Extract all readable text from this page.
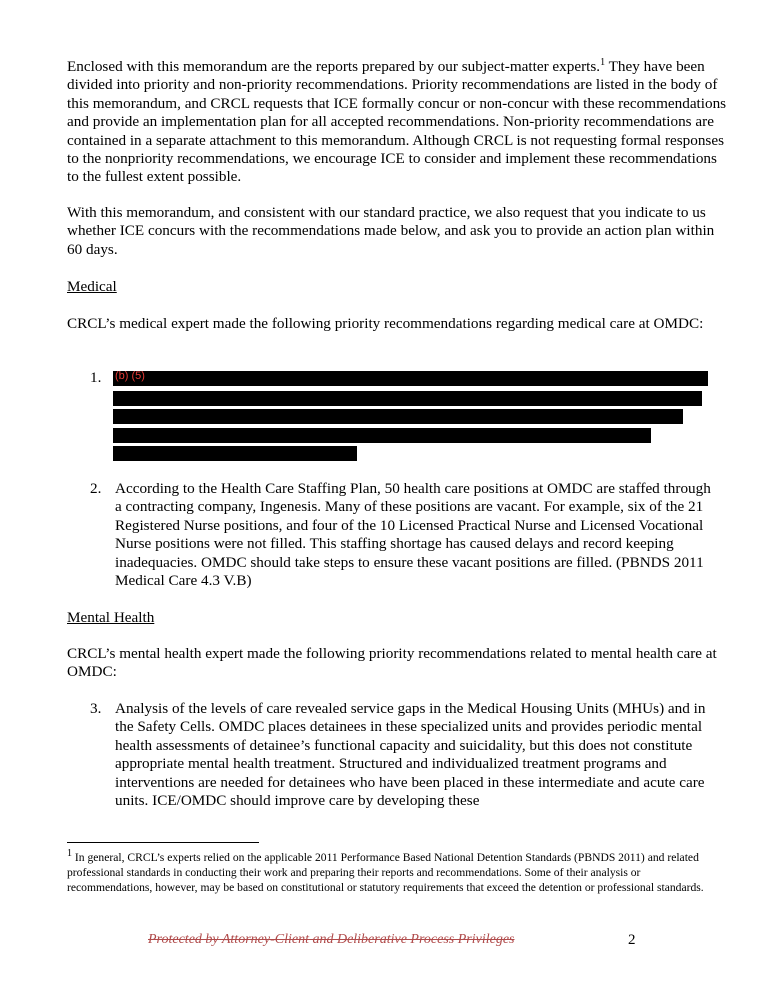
Enclosed with this memorandum are the reports prepared by our subject-matter experts.$^1$ They have been divided into priority and non-priority recommendations. Priority recommendations are listed in the body of this memorandum, and CRCL requests that ICE formally concur or non-concur with these recommendations and provide an implementation plan for all accepted recommendations. Non-priority recommendations are contained in a separate attachment to this memorandum. Although CRCL is not requesting formal responses to the nonpriority recommendations, we encourage ICE to consider and implement these recommendations to the fullest extent possible.

With this memorandum, and consistent with our standard practice, we also request that you indicate to us whether ICE concurs with the recommendations made below, and ask you to provide an action plan within 60 days.

Medical

CRCL’s medical expert made the following priority recommendations regarding medical care at OMDC:

1. (b) (5)
2. According to the Health Care Staffing Plan, 50 health care positions at OMDC are staffed through a contracting company, Ingenesis. Many of these positions are vacant. For example, six of the 21 Registered Nurse positions, and four of the 10 Licensed Practical Nurse and Licensed Vocational Nurse positions were not filled. This staffing shortage has caused delays and record keeping inadequacies. OMDC should take steps to ensure these vacant positions are filled. (PBNDS 2011 Medical Care 4.3 V.B)

Mental Health

CRCL’s mental health expert made the following priority recommendations related to mental health care at OMDC:

3. Analysis of the levels of care revealed service gaps in the Medical Housing Units (MHUs) and in the Safety Cells. OMDC places detainees in these specialized units and provides periodic mental health assessments of detainee’s functional capacity and suicidality, but this does not constitute appropriate mental health treatment. Structured and individualized treatment programs and interventions are needed for detainees who have been placed in these intermediate and acute care units. ICE/OMDC should improve care by developing these
1 In general, CRCL’s experts relied on the applicable 2011 Performance Based National Detention Standards (PBNDS 2011) and related professional standards in conducting their work and preparing their reports and recommendations. Some of their analysis or recommendations, however, may be based on constitutional or statutory requirements that exceed the detention or professional standards.
Protected by Attorney-Client and Deliberative Process Privileges	2
